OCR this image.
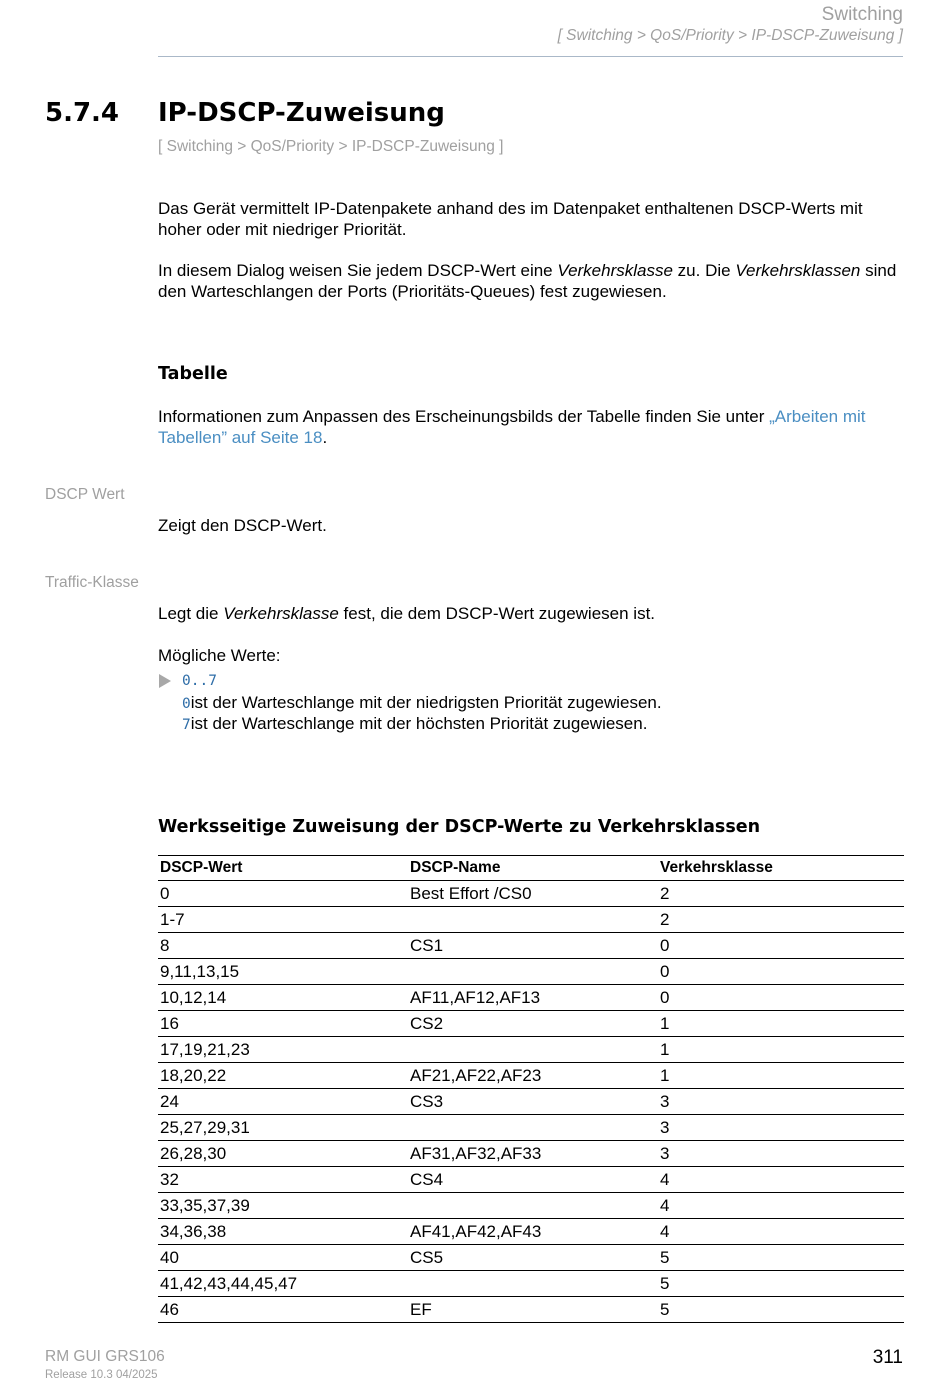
Switching
[ Switching > QoS/Priority > IP-DSCP-Zuweisung ]
5.7.4 IP-DSCP-Zuweisung
[ Switching > QoS/Priority > IP-DSCP-Zuweisung ]
Das Gerät vermittelt IP-Datenpakete anhand des im Datenpaket enthaltenen DSCP-Werts mit hoher oder mit niedriger Priorität.
In diesem Dialog weisen Sie jedem DSCP-Wert eine Verkehrsklasse zu. Die Verkehrsklassen sind den Warteschlangen der Ports (Prioritäts-Queues) fest zugewiesen.
Tabelle
Informationen zum Anpassen des Erscheinungsbilds der Tabelle finden Sie unter „Arbeiten mit Tabellen” auf Seite 18.
DSCP Wert
Zeigt den DSCP-Wert.
Traffic-Klasse
Legt die Verkehrsklasse fest, die dem DSCP-Wert zugewiesen ist.
Mögliche Werte:
0..7
0ist der Warteschlange mit der niedrigsten Priorität zugewiesen.
7ist der Warteschlange mit der höchsten Priorität zugewiesen.
Werksseitige Zuweisung der DSCP-Werte zu Verkehrsklassen
DSCP-Wert	DSCP-Name	Verkehrsklasse
0	Best Effort /CS0	2
1-7		2
8	CS1	0
9,11,13,15		0
10,12,14	AF11,AF12,AF13	0
16	CS2	1
17,19,21,23		1
18,20,22	AF21,AF22,AF23	1
24	CS3	3
25,27,29,31		3
26,28,30	AF31,AF32,AF33	3
32	CS4	4
33,35,37,39		4
34,36,38	AF41,AF42,AF43	4
40	CS5	5
41,42,43,44,45,47		5
46	EF	5
RM GUI GRS106
Release 10.3 04/2025
311
